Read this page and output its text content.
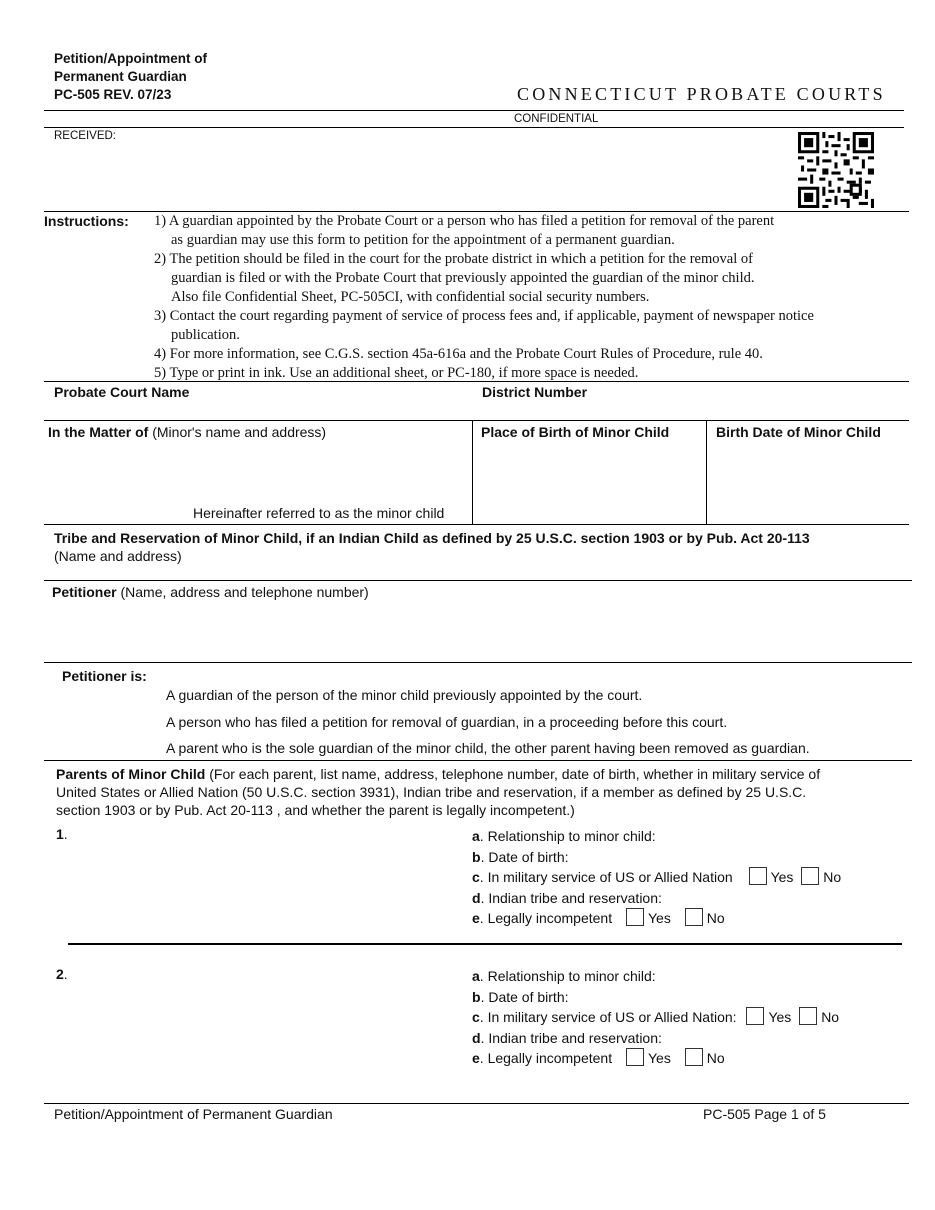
Petition/Appointment of
Permanent Guardian
PC-505 REV. 07/23	CONNECTICUT PROBATE COURTS
CONFIDENTIAL
RECEIVED:
Instructions: 1) A guardian appointed by the Probate Court or a person who has filed a petition for removal of the parent
as guardian may use this form to petition for the appointment of a permanent guardian.
2) The petition should be filed in the court for the probate district in which a petition for the removal of
guardian is filed or with the Probate Court that previously appointed the guardian of the minor child.
Also file Confidential Sheet, PC-505CI, with confidential social security numbers.
3) Contact the court regarding payment of service of process fees and, if applicable, payment of newspaper notice
publication.
4) For more information, see C.G.S. section 45a-616a and the Probate Court Rules of Procedure, rule 40.
5) Type or print in ink. Use an additional sheet, or PC-180, if more space is needed.
Probate Court Name	District Number
In the Matter of (Minor's name and address)
Hereinafter referred to as the minor child
Place of Birth of Minor Child	Birth Date of Minor Child
Tribe and Reservation of Minor Child, if an Indian Child as defined by 25 U.S.C. section 1903 or by Pub. Act 20-113
(Name and address)
Petitioner (Name, address and telephone number)
Petitioner is:
A guardian of the person of the minor child previously appointed by the court.
A person who has filed a petition for removal of guardian, in a proceeding before this court.
A parent who is the sole guardian of the minor child, the other parent having been removed as guardian.
Parents of Minor Child (For each parent, list name, address, telephone number, date of birth, whether in military service of
United States or Allied Nation (50 U.S.C. section 3931), Indian tribe and reservation, if a member as defined by 25 U.S.C.
section 1903 or by Pub. Act 20-113 , and whether the parent is legally incompetent.)
1.	a. Relationship to minor child:
b. Date of birth:
c. In military service of US or Allied Nation	Yes No
d. Indian tribe and reservation:
e. Legally incompetent	Yes	No
2.	a. Relationship to minor child:
b. Date of birth:
c. In military service of US or Allied Nation: Yes No
d. Indian tribe and reservation:
e. Legally incompetent	Yes	No
Petition/Appointment of Permanent Guardian	PC-505 Page 1 of 5
